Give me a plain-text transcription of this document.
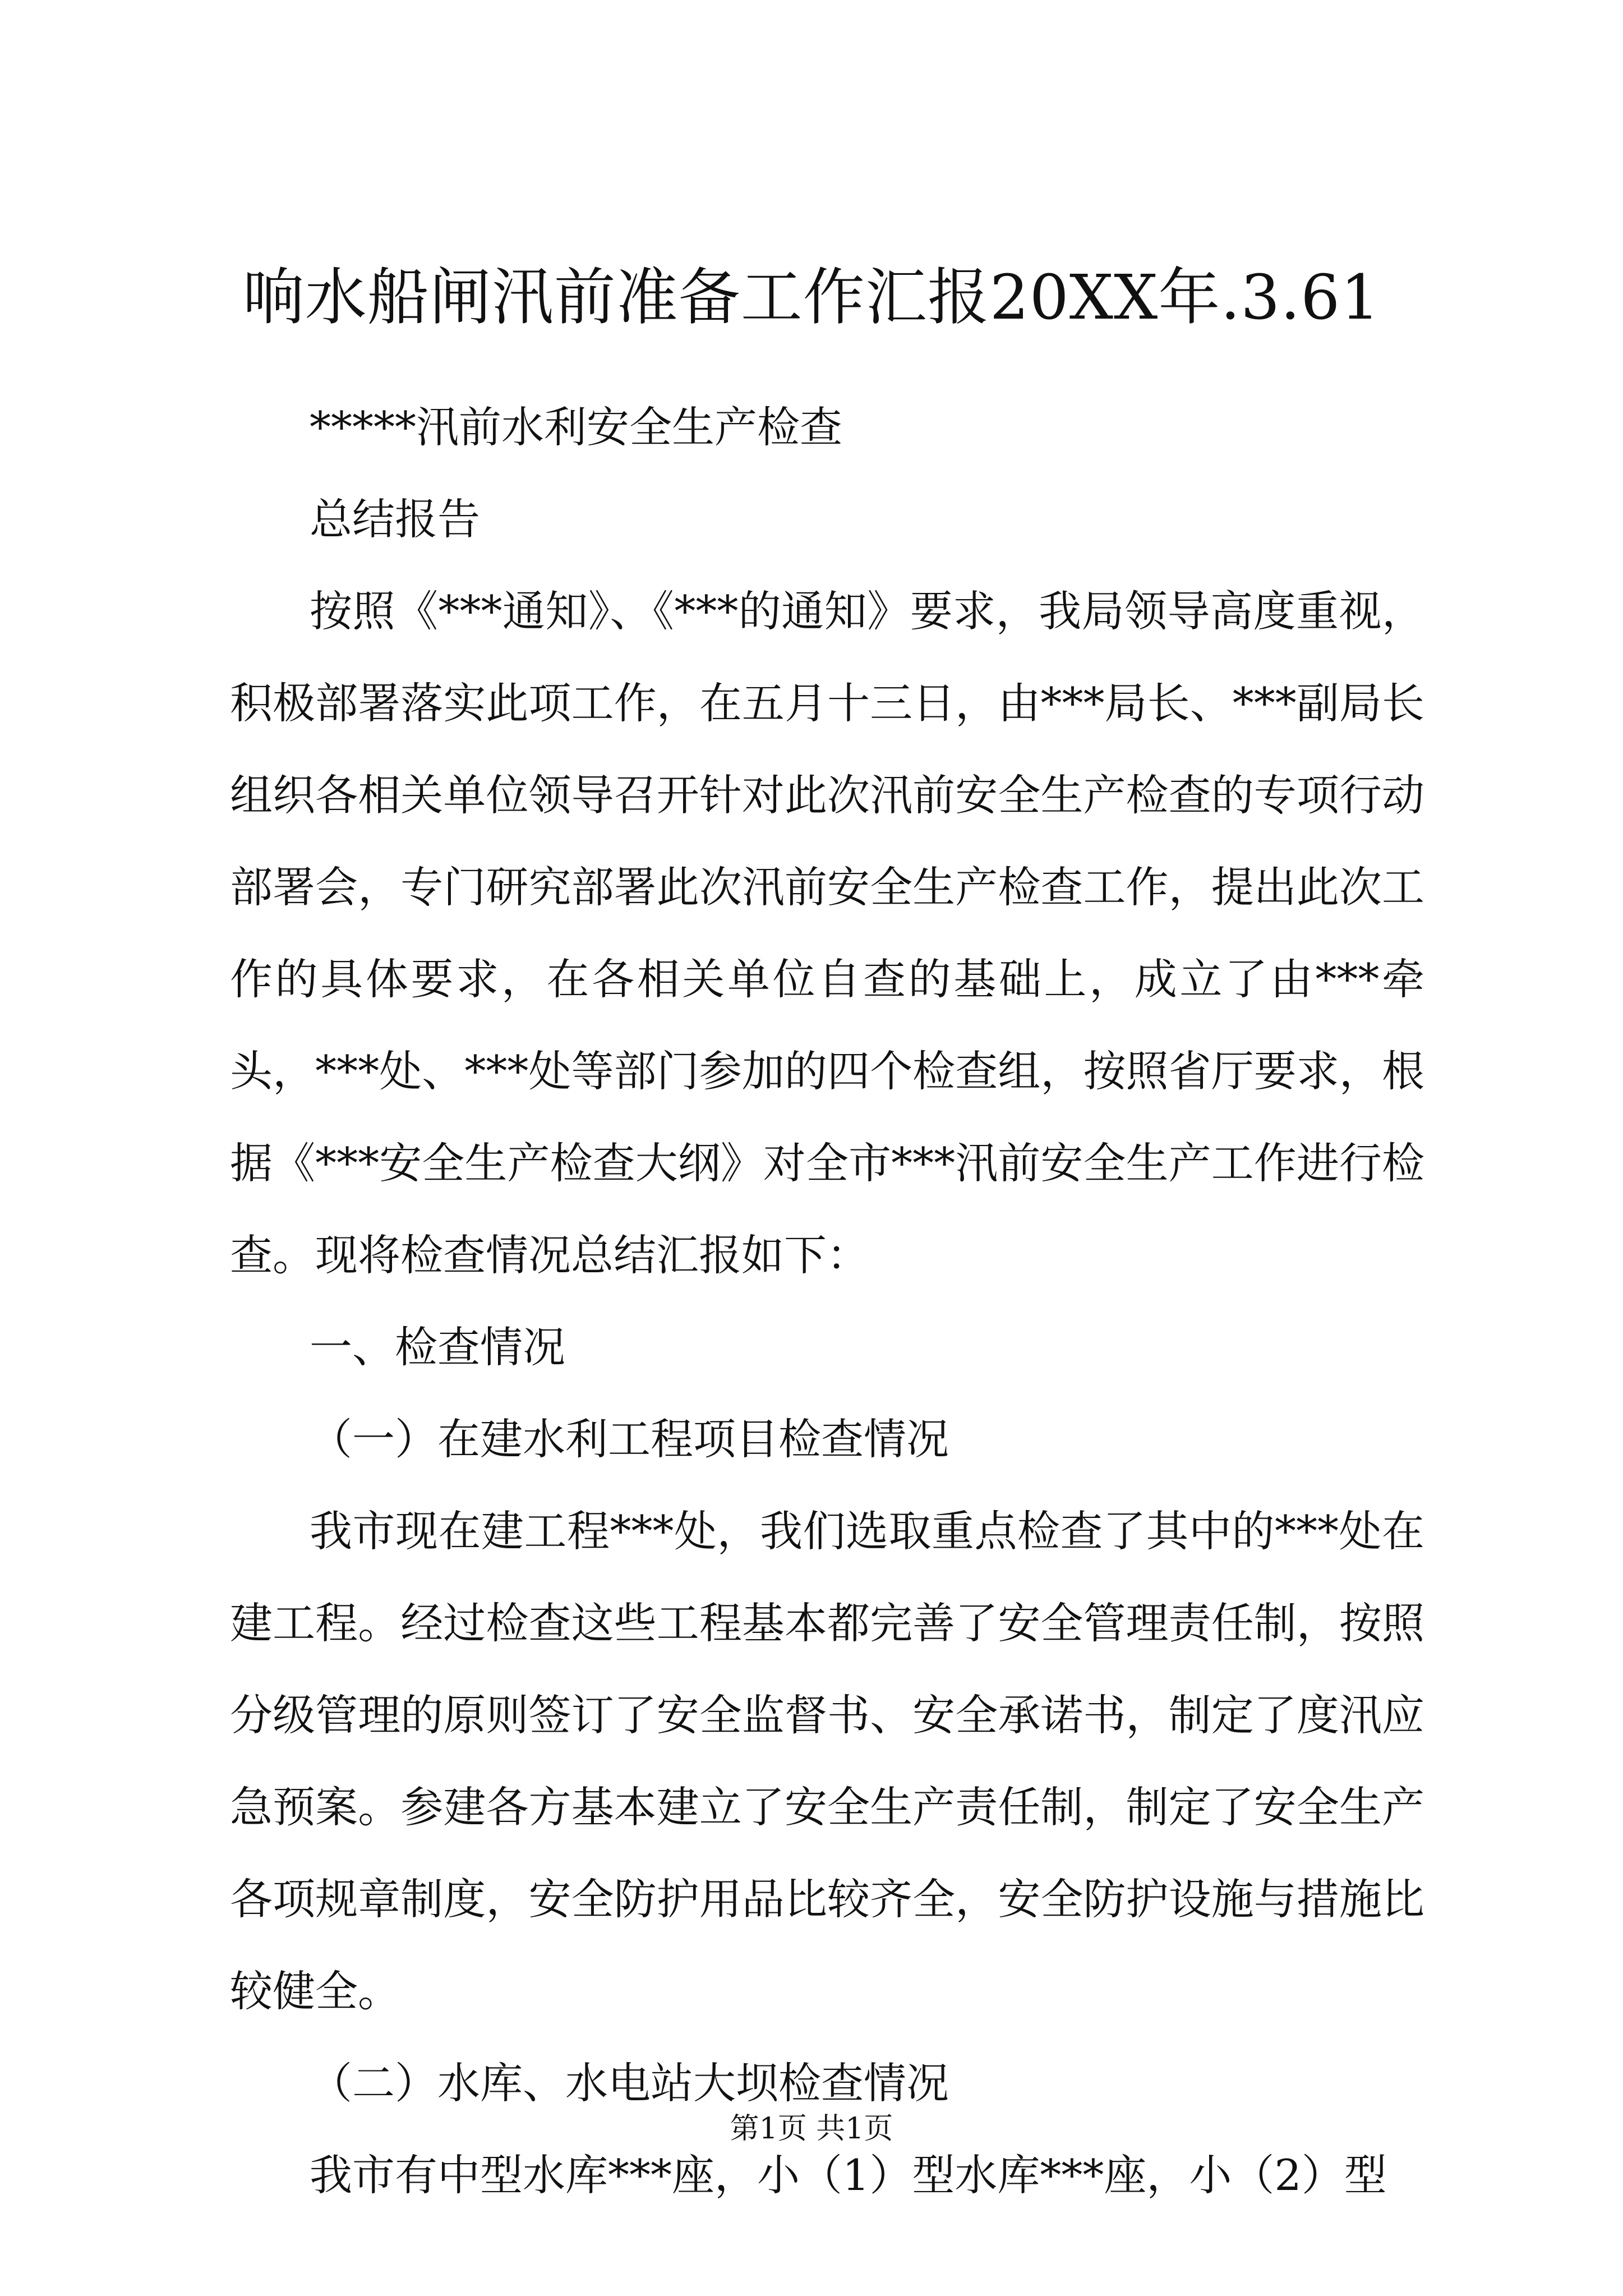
响水船闸汛前准备工作汇报20XX年.3.61

*****汛前水利安全生产检查

总结报告

按照《***通知》、《***的通知》要求，我局领导高度重视，积极部署落实此项工作，在五月十三日，由***局长、***副局长组织各相关单位领导召开针对此次汛前安全生产检查的专项行动部署会，专门研究部署此次汛前安全生产检查工作，提出此次工作的具体要求，在各相关单位自查的基础上，成立了由***牵头，***处、***处等部门参加的四个检查组，按照省厅要求，根据《***安全生产检查大纲》对全市***汛前安全生产工作进行检查。现将检查情况总结汇报如下：

一、检查情况

（一）在建水利工程项目检查情况

我市现在建工程***处，我们选取重点检查了其中的***处在建工程。经过检查这些工程基本都完善了安全管理责任制，按照分级管理的原则签订了安全监督书、安全承诺书，制定了度汛应急预案。参建各方基本建立了安全生产责任制，制定了安全生产各项规章制度，安全防护用品比较齐全，安全防护设施与措施比较健全。

（二）水库、水电站大坝检查情况

我市有中型水库***座，小（1）型水库***座，小（2）型

第1页 共1页
